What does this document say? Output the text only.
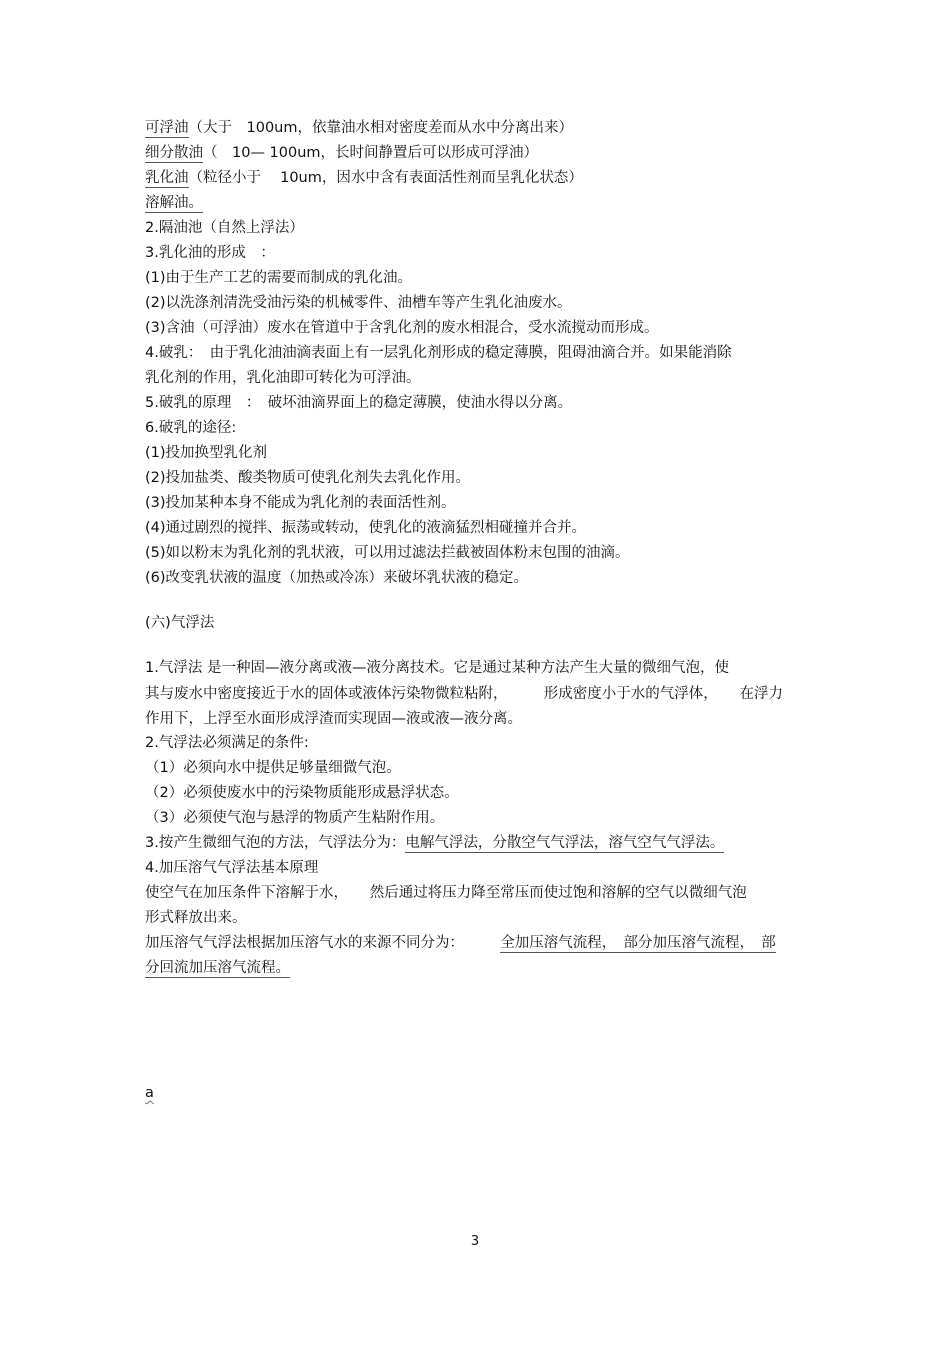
可浮油（大于　100um，依靠油水相对密度差而从水中分离出来）
细分散油（　10— 100um，长时间静置后可以形成可浮油）
乳化油（粒径小于　 10um，因水中含有表面活性剂而呈乳化状态）
溶解油。
2.隔油池（自然上浮法）
3.乳化油的形成　：
(1)由于生产工艺的需要而制成的乳化油。
(2)以洗涤剂清洗受油污染的机械零件、油槽车等产生乳化油废水。
(3)含油（可浮油）废水在管道中于含乳化剂的废水相混合，受水流搅动而形成。
4.破乳：　由于乳化油油滴表面上有一层乳化剂形成的稳定薄膜，阻碍油滴合并。如果能消除
乳化剂的作用，乳化油即可转化为可浮油。
5.破乳的原理　：　破坏油滴界面上的稳定薄膜，使油水得以分离。
6.破乳的途径:
(1)投加换型乳化剂
(2)投加盐类、酸类物质可使乳化剂失去乳化作用。
(3)投加某种本身不能成为乳化剂的表面活性剂。
(4)通过剧烈的搅拌、振荡或转动，使乳化的液滴猛烈相碰撞并合并。
(5)如以粉末为乳化剂的乳状液，可以用过滤法拦截被固体粉末包围的油滴。
(6)改变乳状液的温度（加热或冷冻）来破坏乳状液的稳定。
(六)气浮法
1.气浮法 是一种固—液分离或液—液分离技术。它是通过某种方法产生大量的微细气泡，使
其与废水中密度接近于水的固体或液体污染物微粒粘附，　　　形成密度小于水的气浮体，　　在浮力
作用下，上浮至水面形成浮渣而实现固—液或液—液分离。
2.气浮法必须满足的条件:
（1）必须向水中提供足够量细微气泡。
（2）必须使废水中的污染物质能形成悬浮状态。
（3）必须使气泡与悬浮的物质产生粘附作用。
3.按产生微细气泡的方法，气浮法分为：电解气浮法，分散空气气浮法，溶气空气气浮法。
4.加压溶气气浮法基本原理
使空气在加压条件下溶解于水，　　然后通过将压力降至常压而使过饱和溶解的空气以微细气泡
形式释放出来。
加压溶气气浮法根据加压溶气水的来源不同分为：　　　全加压溶气流程，　部分加压溶气流程，　部
分回流加压溶气流程。
a
3
